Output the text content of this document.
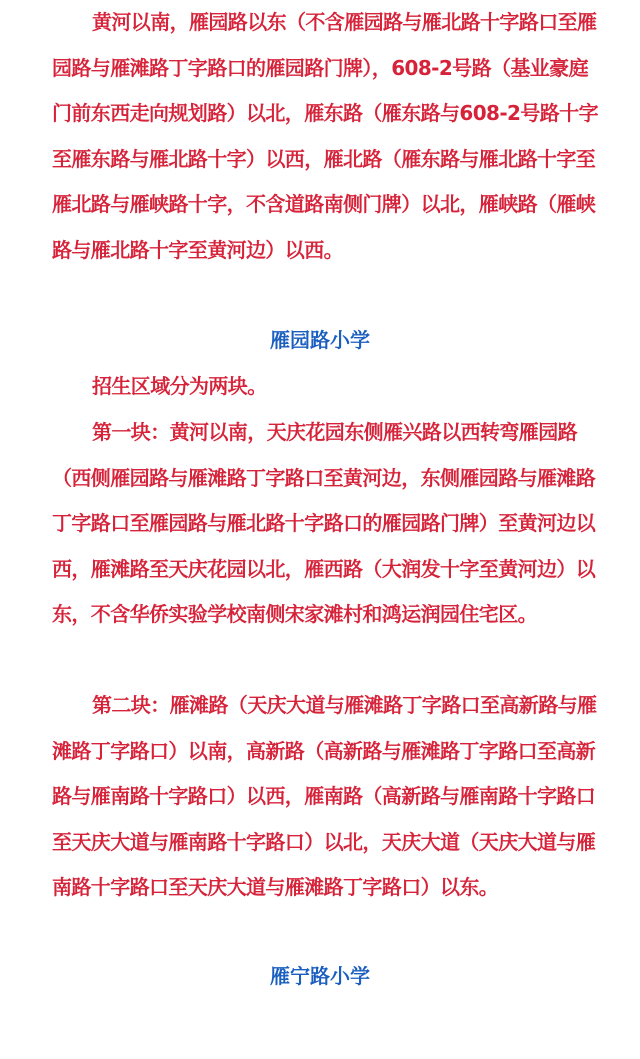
黄河以南，雁园路以东（不含雁园路与雁北路十字路口至雁园路与雁滩路丁字路口的雁园路门牌），608-2号路（基业豪庭门前东西走向规划路）以北，雁东路（雁东路与608-2号路十字至雁东路与雁北路十字）以西，雁北路（雁东路与雁北路十字至雁北路与雁峡路十字，不含道路南侧门牌）以北，雁峡路（雁峡路与雁北路十字至黄河边）以西。

雁园路小学

招生区域分为两块。

第一块：黄河以南，天庆花园东侧雁兴路以西转弯雁园路（西侧雁园路与雁滩路丁字路口至黄河边，东侧雁园路与雁滩路丁字路口至雁园路与雁北路十字路口的雁园路门牌）至黄河边以西，雁滩路至天庆花园以北，雁西路（大润发十字至黄河边）以东，不含华侨实验学校南侧宋家滩村和鸿运润园住宅区。

第二块：雁滩路（天庆大道与雁滩路丁字路口至高新路与雁滩路丁字路口）以南，高新路（高新路与雁滩路丁字路口至高新路与雁南路十字路口）以西，雁南路（高新路与雁南路十字路口至天庆大道与雁南路十字路口）以北，天庆大道（天庆大道与雁南路十字路口至天庆大道与雁滩路丁字路口）以东。

雁宁路小学
